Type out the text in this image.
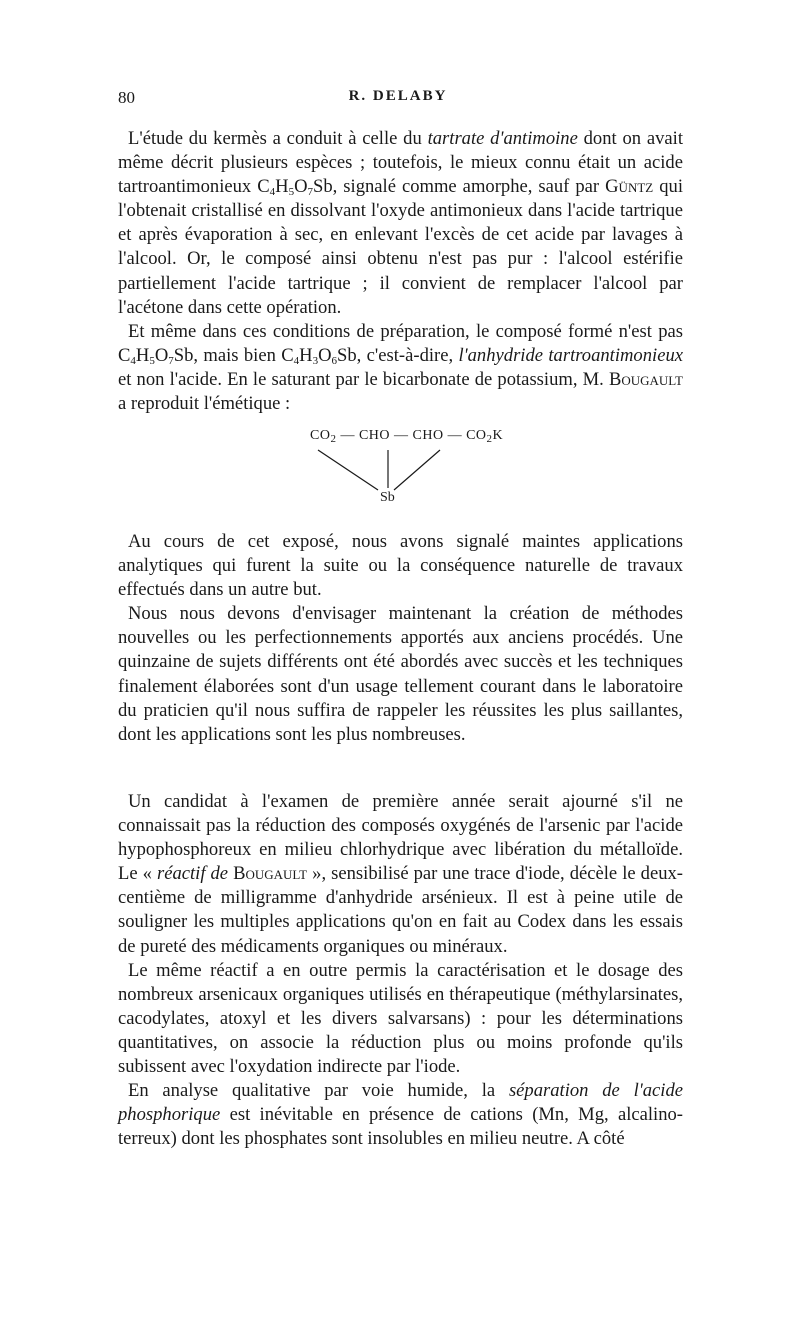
80	R. DELABY

L'étude du kermès a conduit à celle du tartrate d'antimoine dont on avait même décrit plusieurs espèces ; toutefois, le mieux connu était un acide tartroantimonieux $C_4H_5O_7Sb$, signalé comme amorphe, sauf par Güntz qui l'obtenait cristallisé en dissolvant l'oxyde antimonieux dans l'acide tartrique et après évaporation à sec, en enlevant l'excès de cet acide par lavages à l'alcool. Or, le composé ainsi obtenu n'est pas pur : l'alcool estérifie partiellement l'acide tartrique ; il convient de remplacer l'alcool par l'acétone dans cette opération.

Et même dans ces conditions de préparation, le composé formé n'est pas $C_4H_5O_7Sb$, mais bien $C_4H_3O_6Sb$, c'est-à-dire, l'anhydride tartroantimonieux et non l'acide. En le saturant par le bicarbonate de potassium, M. Bougault a reproduit l'émétique :

$CO_2$ — CHO — CHO — $CO_2K$
Sb

Au cours de cet exposé, nous avons signalé maintes applications analytiques qui furent la suite ou la conséquence naturelle de travaux effectués dans un autre but.

Nous nous devons d'envisager maintenant la création de méthodes nouvelles ou les perfectionnements apportés aux anciens procédés. Une quinzaine de sujets différents ont été abordés avec succès et les techniques finalement élaborées sont d'un usage tellement courant dans le laboratoire du praticien qu'il nous suffira de rappeler les réussites les plus saillantes, dont les applications sont les plus nombreuses.

Un candidat à l'examen de première année serait ajourné s'il ne connaissait pas la réduction des composés oxygénés de l'arsenic par l'acide hypophosphoreux en milieu chlorhydrique avec libération du métalloïde. Le « réactif de Bougault », sensibilisé par une trace d'iode, décèle le deux-centième de milligramme d'anhydride arsénieux. Il est à peine utile de souligner les multiples applications qu'on en fait au Codex dans les essais de pureté des médicaments organiques ou minéraux.

Le même réactif a en outre permis la caractérisation et le dosage des nombreux arsenicaux organiques utilisés en thérapeutique (méthylarsinates, cacodylates, atoxyl et les divers salvarsans) : pour les déterminations quantitatives, on associe la réduction plus ou moins profonde qu'ils subissent avec l'oxydation indirecte par l'iode.

En analyse qualitative par voie humide, la séparation de l'acide phosphorique est inévitable en présence de cations (Mn, Mg, alcalino-terreux) dont les phosphates sont insolubles en milieu neutre. A côté
